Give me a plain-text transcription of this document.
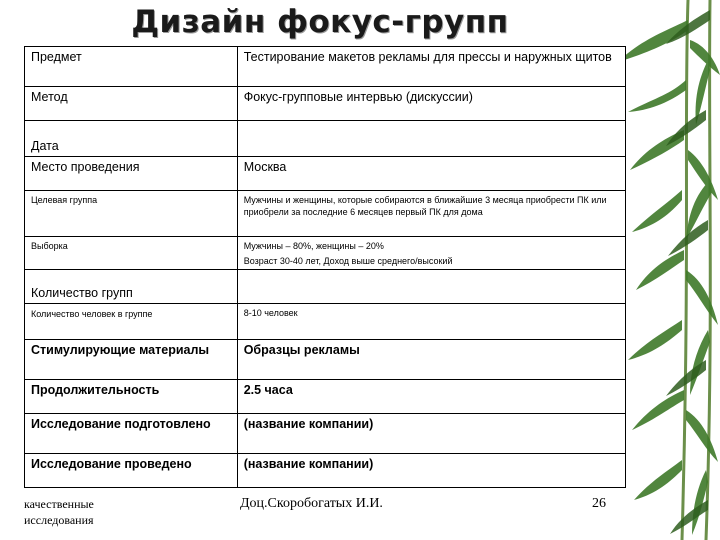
Дизайн фокус-групп
Предмет	Тестирование макетов рекламы для прессы и наружных щитов
Метод	Фокус-групповые интервью (дискуссии)
Дата	
Место проведения	Москва
Целевая группа	Мужчины и женщины, которые собираются в ближайшие 3 месяца приобрести ПК или приобрели за последние 6 месяцев первый ПК для дома
Выборка	Мужчины – 80%, женщины – 20%
Возраст 30-40 лет, Доход выше среднего/высокий

Количество групп	
Количество человек в группе	8-10 человек
Стимулирующие материалы	Образцы рекламы
Продолжительность	2.5 часа
Исследование подготовлено	(название компании)
Исследование проведено	(название компании)
качественные исследования
Доц.Скоробогатых И.И.	26
